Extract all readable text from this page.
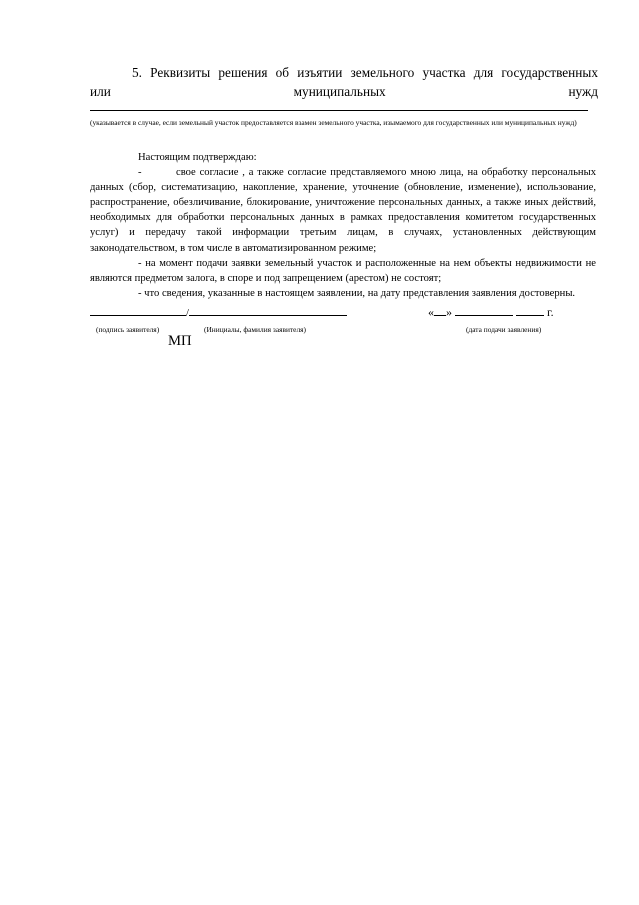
5. Реквизиты решения об изъятии земельного участка для государственных
или	муниципальных	нужд
(указывается в случае, если земельный участок предоставляется взамен земельного участка, изымаемого для государственных или муниципальных нужд)

Настоящим подтверждаю:

-	свое согласие , а также согласие представляемого мною лица, на обработку персональных данных (сбор, систематизацию, накопление, хранение, уточнение (обновление, изменение), использование, распространение, обезличивание, блокирование, уничтожение персональных данных, а также иных действий, необходимых для обработки персональных данных в рамках предоставления комитетом государственных услуг) и передачу такой информации третьим лицам, в случаях, установленных действующим законодательством, в том числе в автоматизированном режиме;

- на момент подачи заявки земельный участок и расположенные на нем объекты недвижимости не являются предметом залога, в споре и под запрещением (арестом) не состоят;

- что сведения, указанные в настоящем заявлении, на дату представления заявления достоверны.

/	« »	г.
(подпись заявителя)	(Инициалы, фамилия заявителя)	(дата подачи заявления)
МП
